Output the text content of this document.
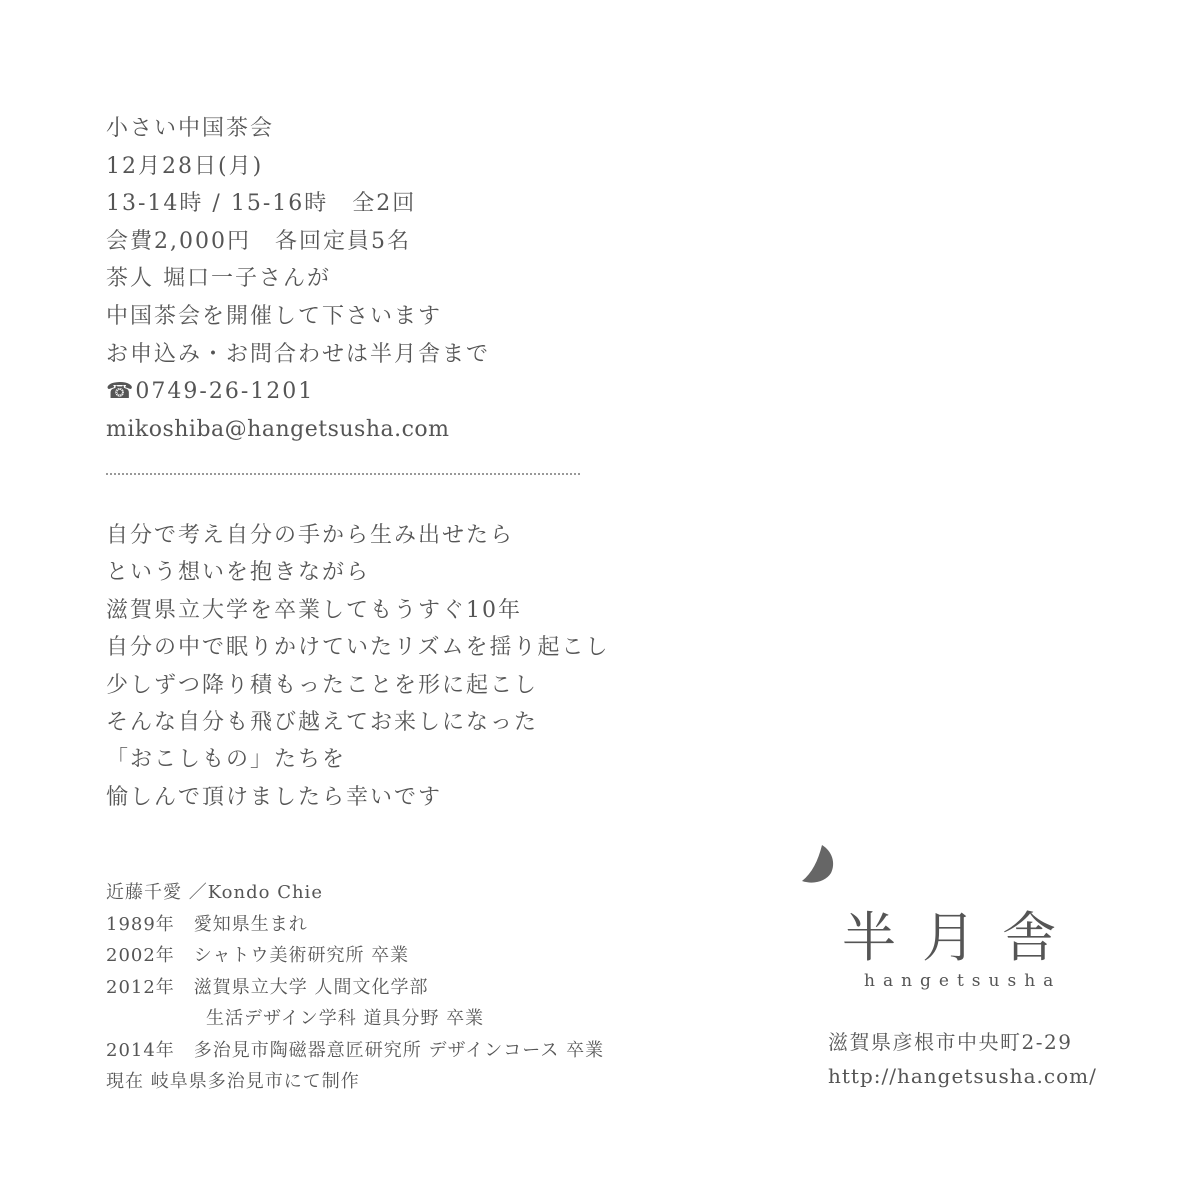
小さい中国茶会
12月28日(月)
13-14時 / 15-16時　全2回
会費2,000円　各回定員5名
茶人 堀口一子さんが
中国茶会を開催して下さいます
お申込み・お問合わせは半月舎まで
☎0749-26-1201
mikoshiba@hangetsusha.com
自分で考え自分の手から生み出せたら
という想いを抱きながら
滋賀県立大学を卒業してもうすぐ10年
自分の中で眠りかけていたリズムを揺り起こし
少しずつ降り積もったことを形に起こし
そんな自分も飛び越えてお来しになった
「おこしもの」たちを
愉しんで頂けましたら幸いです
近藤千愛 ／Kondo Chie
1989年　愛知県生まれ
2002年　シャトウ美術研究所 卒業
2012年　滋賀県立大学 人間文化学部
生活デザイン学科 道具分野 卒業
2014年　多治見市陶磁器意匠研究所 デザインコース 卒業
現在 岐阜県多治見市にて制作
半月舎
hangetsusha
滋賀県彦根市中央町2-29
http://hangetsusha.com/
